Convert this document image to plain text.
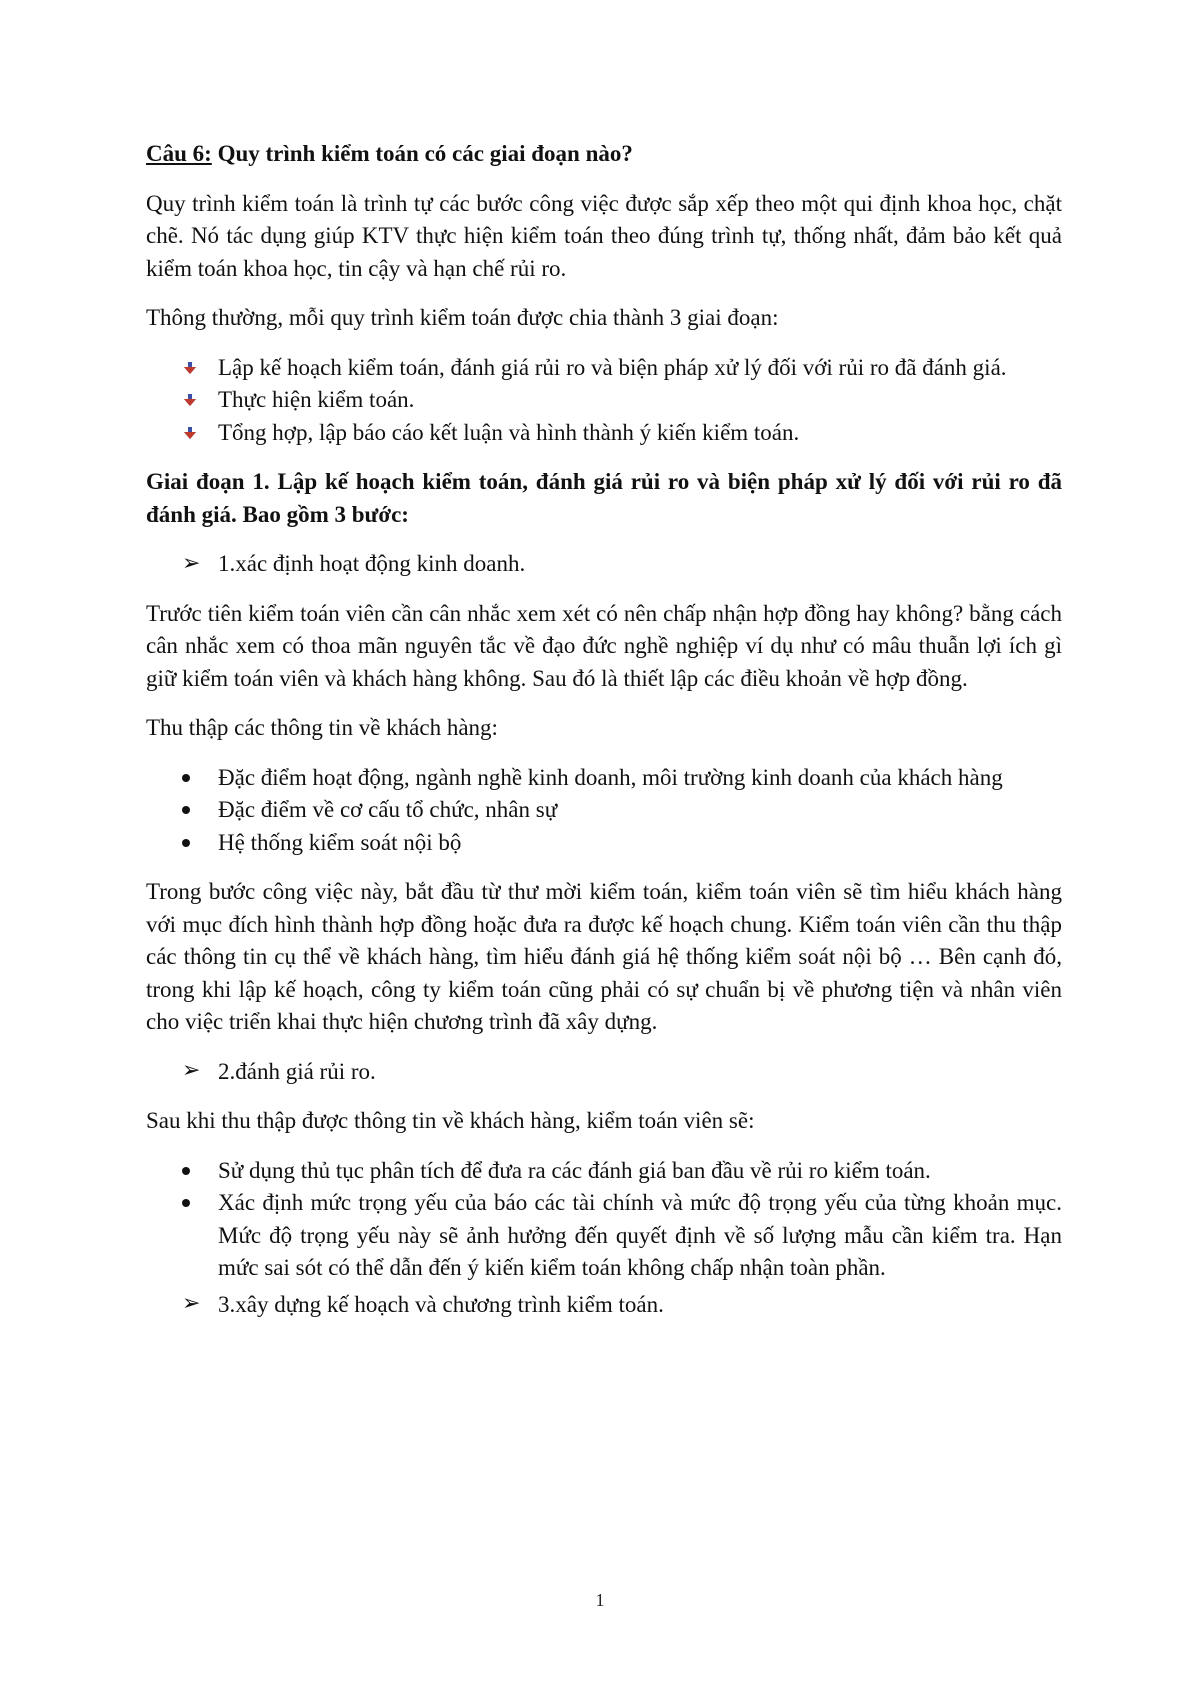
Câu 6: Quy trình kiểm toán có các giai đoạn nào?

Quy trình kiểm toán là trình tự các bước công việc được sắp xếp theo một qui định khoa học, chặt chẽ. Nó tác dụng giúp KTV thực hiện kiểm toán theo đúng trình tự, thống nhất, đảm bảo kết quả kiểm toán khoa học, tin cậy và hạn chế rủi ro.

Thông thường, mỗi quy trình kiểm toán được chia thành 3 giai đoạn:

Lập kế hoạch kiểm toán, đánh giá rủi ro và biện pháp xử lý đối với rủi ro đã đánh giá.
Thực hiện kiểm toán.
Tổng hợp, lập báo cáo kết luận và hình thành ý kiến kiểm toán.

Giai đoạn 1. Lập kế hoạch kiểm toán, đánh giá rủi ro và biện pháp xử lý đối với rủi ro đã đánh giá. Bao gồm 3 bước:

➢ 1.xác định hoạt động kinh doanh.

Trước tiên kiểm toán viên cần cân nhắc xem xét có nên chấp nhận hợp đồng hay không? bằng cách cân nhắc xem có thoa mãn nguyên tắc về đạo đức nghề nghiệp ví dụ như có mâu thuẫn lợi ích gì giữ kiểm toán viên và khách hàng không. Sau đó là thiết lập các điều khoản về hợp đồng.

Thu thập các thông tin về khách hàng:

Đặc điểm hoạt động, ngành nghề kinh doanh, môi trường kinh doanh của khách hàng
Đặc điểm về cơ cấu tổ chức, nhân sự
Hệ thống kiểm soát nội bộ

Trong bước công việc này, bắt đầu từ thư mời kiểm toán, kiểm toán viên sẽ tìm hiểu khách hàng với mục đích hình thành hợp đồng hoặc đưa ra được kế hoạch chung. Kiểm toán viên cần thu thập các thông tin cụ thể về khách hàng, tìm hiểu đánh giá hệ thống kiểm soát nội bộ … Bên cạnh đó, trong khi lập kế hoạch, công ty kiểm toán cũng phải có sự chuẩn bị về phương tiện và nhân viên cho việc triển khai thực hiện chương trình đã xây dựng.

➢ 2.đánh giá rủi ro.

Sau khi thu thập được thông tin về khách hàng, kiểm toán viên sẽ:

Sử dụng thủ tục phân tích để đưa ra các đánh giá ban đầu về rủi ro kiểm toán.
Xác định mức trọng yếu của báo các tài chính và mức độ trọng yếu của từng khoản mục. Mức độ trọng yếu này sẽ ảnh hưởng đến quyết định về số lượng mẫu cần kiểm tra. Hạn mức sai sót có thể dẫn đến ý kiến kiểm toán không chấp nhận toàn phần.
➢ 3.xây dựng kế hoạch và chương trình kiểm toán.
1
